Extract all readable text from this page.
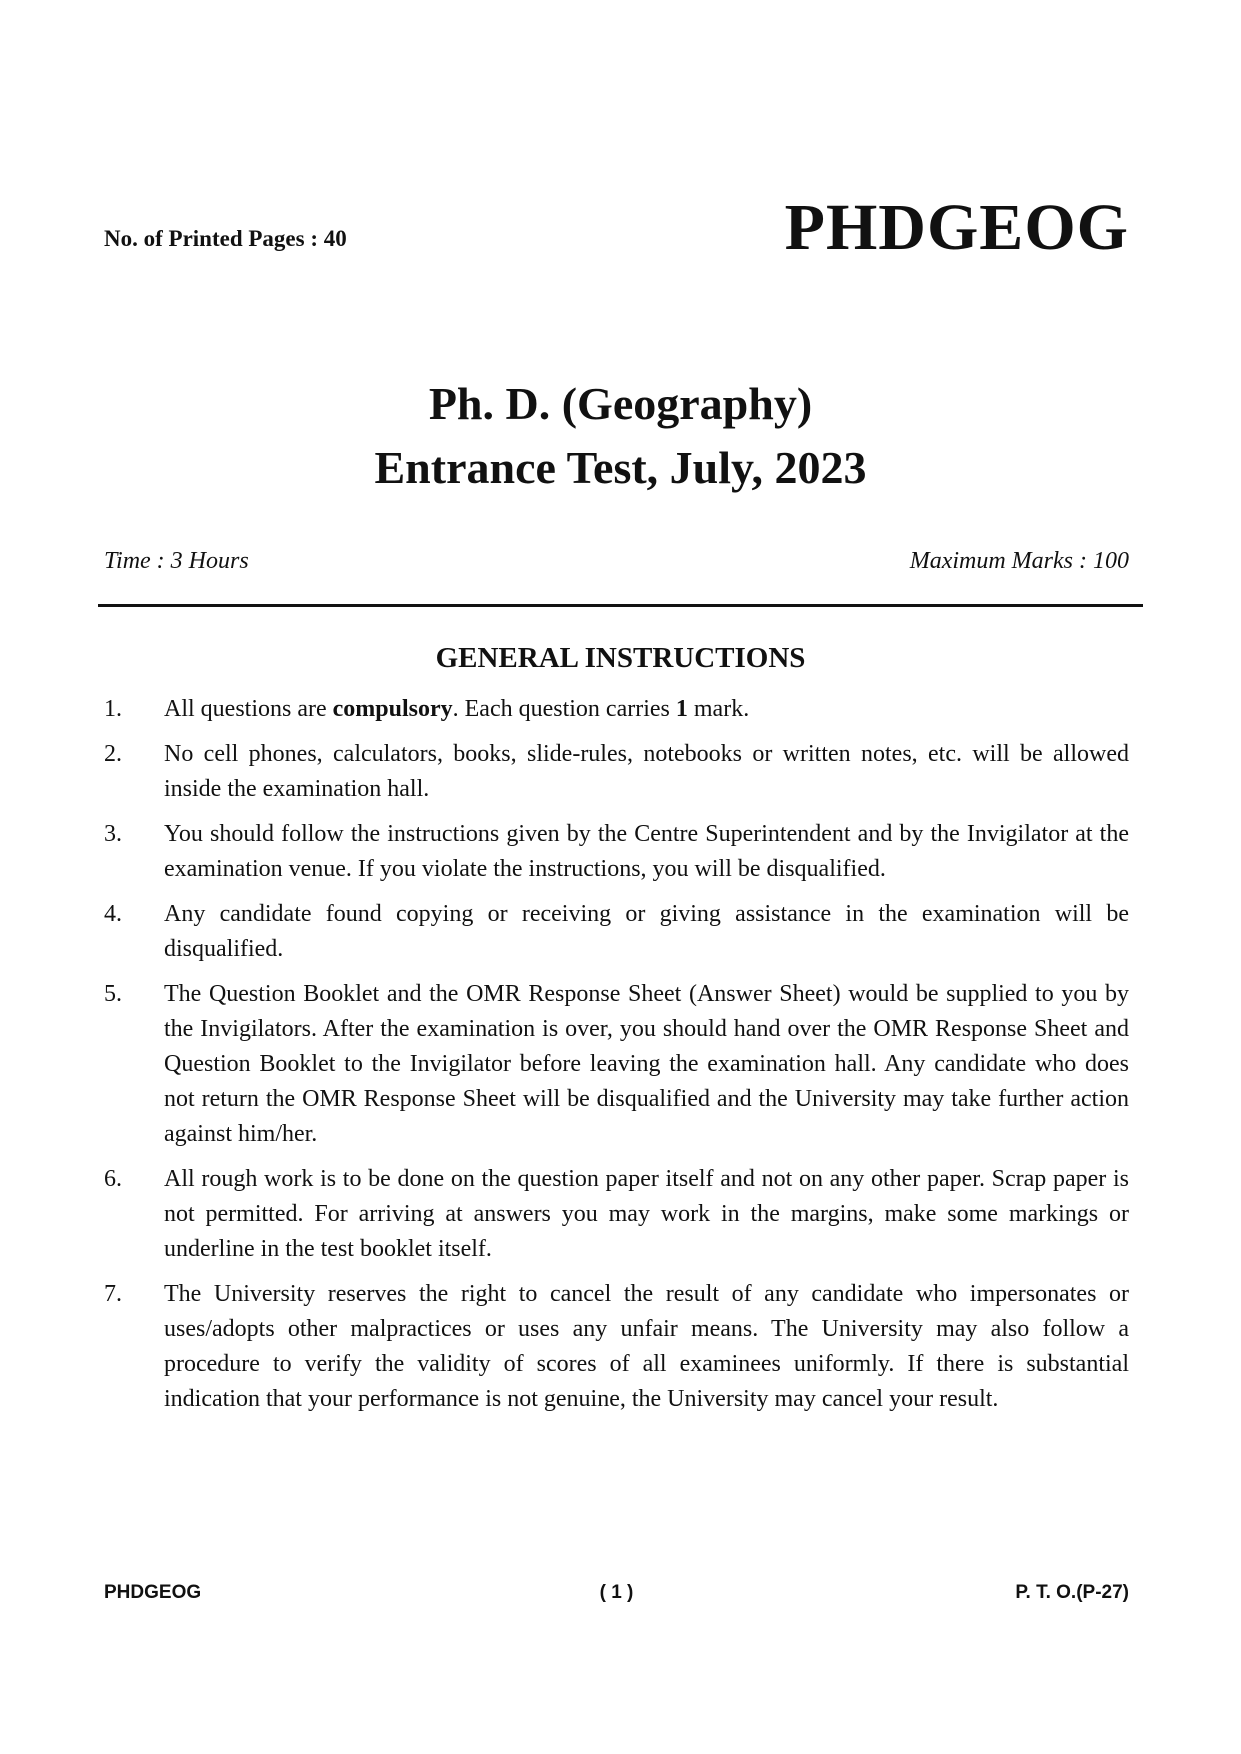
No. of Printed Pages : 40	PHDGEOG
Ph. D. (Geography)
Entrance Test, July, 2023
Time : 3 Hours	Maximum Marks : 100
GENERAL INSTRUCTIONS
1. All questions are compulsory. Each question carries 1 mark.
2. No cell phones, calculators, books, slide-rules, notebooks or written notes, etc. will be allowed inside the examination hall.
3. You should follow the instructions given by the Centre Superintendent and by the Invigilator at the examination venue. If you violate the instructions, you will be disqualified.
4. Any candidate found copying or receiving or giving assistance in the examination will be disqualified.
5. The Question Booklet and the OMR Response Sheet (Answer Sheet) would be supplied to you by the Invigilators. After the examination is over, you should hand over the OMR Response Sheet and Question Booklet to the Invigilator before leaving the examination hall. Any candidate who does not return the OMR Response Sheet will be disqualified and the University may take further action against him/her.
6. All rough work is to be done on the question paper itself and not on any other paper. Scrap paper is not permitted. For arriving at answers you may work in the margins, make some markings or underline in the test booklet itself.
7. The University reserves the right to cancel the result of any candidate who impersonates or uses/adopts other malpractices or uses any unfair means. The University may also follow a procedure to verify the validity of scores of all examinees uniformly. If there is substantial indication that your performance is not genuine, the University may cancel your result.
PHDGEOG	( 1 )	P. T. O.(P-27)
